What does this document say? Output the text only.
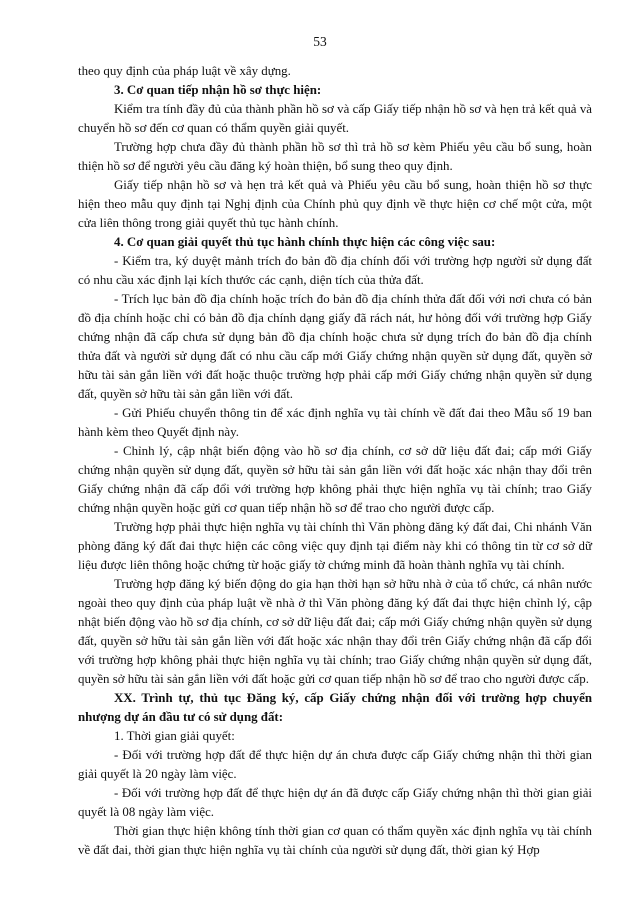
53

theo quy định của pháp luật về xây dựng.

3. Cơ quan tiếp nhận hồ sơ thực hiện:

Kiểm tra tính đầy đủ của thành phần hồ sơ và cấp Giấy tiếp nhận hồ sơ và hẹn trả kết quả và chuyển hồ sơ đến cơ quan có thẩm quyền giải quyết.

Trường hợp chưa đầy đủ thành phần hồ sơ thì trả hồ sơ kèm Phiếu yêu cầu bổ sung, hoàn thiện hồ sơ để người yêu cầu đăng ký hoàn thiện, bổ sung theo quy định.

Giấy tiếp nhận hồ sơ và hẹn trả kết quả và Phiếu yêu cầu bổ sung, hoàn thiện hồ sơ thực hiện theo mẫu quy định tại Nghị định của Chính phủ quy định về thực hiện cơ chế một cửa, một cửa liên thông trong giải quyết thủ tục hành chính.

4. Cơ quan giải quyết thủ tục hành chính thực hiện các công việc sau:

- Kiểm tra, ký duyệt mảnh trích đo bản đồ địa chính đối với trường hợp người sử dụng đất có nhu cầu xác định lại kích thước các cạnh, diện tích của thửa đất.

- Trích lục bản đồ địa chính hoặc trích đo bản đồ địa chính thửa đất đối với nơi chưa có bản đồ địa chính hoặc chỉ có bản đồ địa chính dạng giấy đã rách nát, hư hỏng đối với trường hợp Giấy chứng nhận đã cấp chưa sử dụng bản đồ địa chính hoặc chưa sử dụng trích đo bản đồ địa chính thửa đất và người sử dụng đất có nhu cầu cấp mới Giấy chứng nhận quyền sử dụng đất, quyền sở hữu tài sản gắn liền với đất hoặc thuộc trường hợp phải cấp mới Giấy chứng nhận quyền sử dụng đất, quyền sở hữu tài sản gắn liền với đất.

- Gửi Phiếu chuyển thông tin để xác định nghĩa vụ tài chính về đất đai theo Mẫu số 19 ban hành kèm theo Quyết định này.

- Chỉnh lý, cập nhật biến động vào hồ sơ địa chính, cơ sở dữ liệu đất đai; cấp mới Giấy chứng nhận quyền sử dụng đất, quyền sở hữu tài sản gắn liền với đất hoặc xác nhận thay đổi trên Giấy chứng nhận đã cấp đổi với trường hợp không phải thực hiện nghĩa vụ tài chính; trao Giấy chứng nhận quyền hoặc gửi cơ quan tiếp nhận hồ sơ để trao cho người được cấp.

Trường hợp phải thực hiện nghĩa vụ tài chính thì Văn phòng đăng ký đất đai, Chi nhánh Văn phòng đăng ký đất đai thực hiện các công việc quy định tại điểm này khi có thông tin từ cơ sở dữ liệu được liên thông hoặc chứng từ hoặc giấy tờ chứng minh đã hoàn thành nghĩa vụ tài chính.

Trường hợp đăng ký biến động do gia hạn thời hạn sở hữu nhà ở của tổ chức, cá nhân nước ngoài theo quy định của pháp luật về nhà ở thì Văn phòng đăng ký đất đai thực hiện chỉnh lý, cập nhật biến động vào hồ sơ địa chính, cơ sở dữ liệu đất đai; cấp mới Giấy chứng nhận quyền sử dụng đất, quyền sở hữu tài sản gắn liền với đất hoặc xác nhận thay đổi trên Giấy chứng nhận đã cấp đổi với trường hợp không phải thực hiện nghĩa vụ tài chính; trao Giấy chứng nhận quyền sử dụng đất, quyền sở hữu tài sản gắn liền với đất hoặc gửi cơ quan tiếp nhận hồ sơ để trao cho người được cấp.

XX. Trình tự, thủ tục Đăng ký, cấp Giấy chứng nhận đối với trường hợp chuyển nhượng dự án đầu tư có sử dụng đất:

1. Thời gian giải quyết:

- Đối với trường hợp đất để thực hiện dự án chưa được cấp Giấy chứng nhận thì thời gian giải quyết là 20 ngày làm việc.

- Đối với trường hợp đất để thực hiện dự án đã được cấp Giấy chứng nhận thì thời gian giải quyết là 08 ngày làm việc.

Thời gian thực hiện không tính thời gian cơ quan có thẩm quyền xác định nghĩa vụ tài chính về đất đai, thời gian thực hiện nghĩa vụ tài chính của người sử dụng đất, thời gian ký Hợp
